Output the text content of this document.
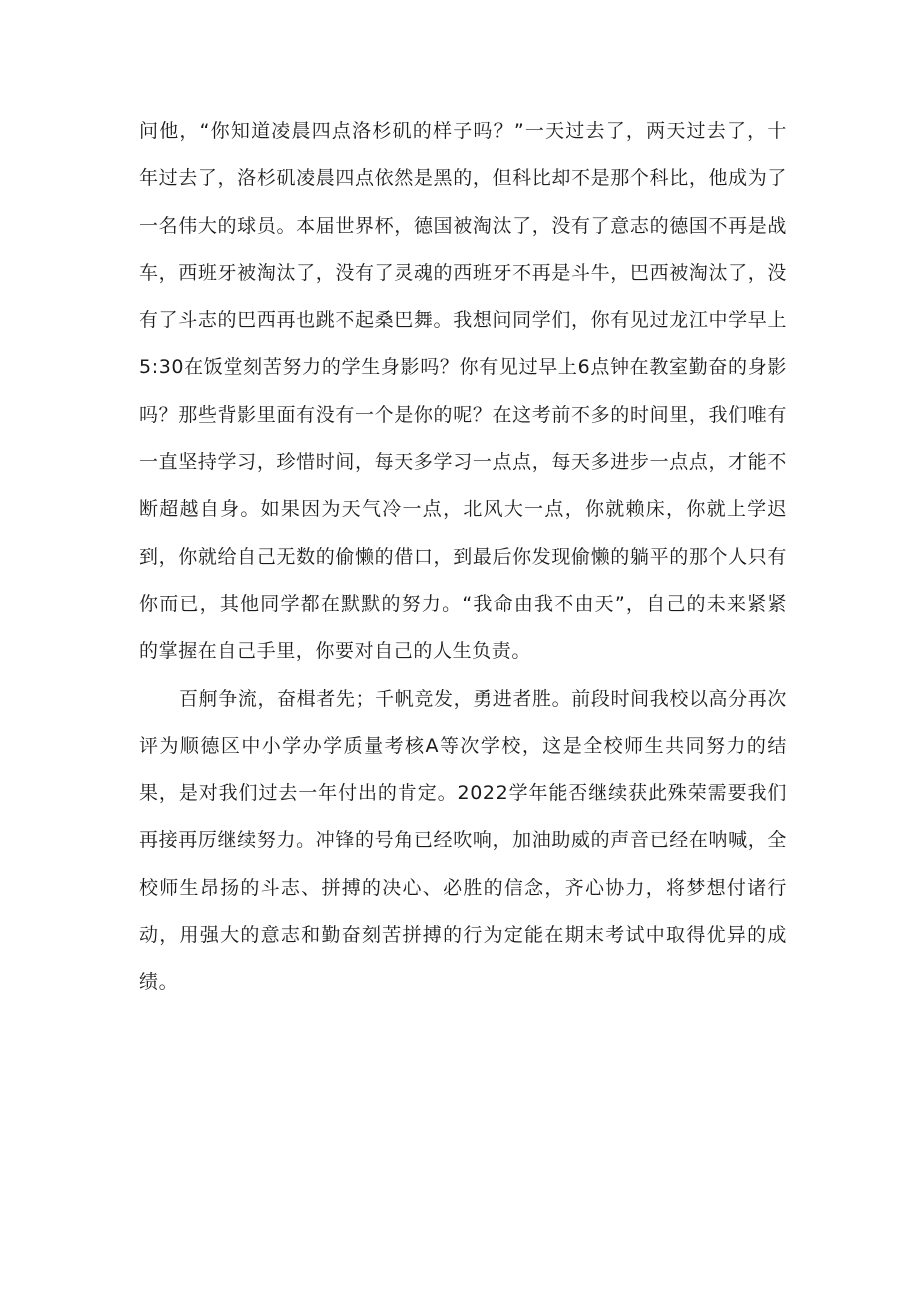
问他，“你知道凌晨四点洛杉矶的样子吗？”一天过去了，两天过去了，十年过去了，洛杉矶凌晨四点依然是黑的，但科比却不是那个科比，他成为了一名伟大的球员。本届世界杯，德国被淘汰了，没有了意志的德国不再是战车，西班牙被淘汰了，没有了灵魂的西班牙不再是斗牛，巴西被淘汰了，没有了斗志的巴西再也跳不起桑巴舞。我想问同学们，你有见过龙江中学早上5:30在饭堂刻苦努力的学生身影吗？你有见过早上6点钟在教室勤奋的身影吗？那些背影里面有没有一个是你的呢？在这考前不多的时间里，我们唯有一直坚持学习，珍惜时间，每天多学习一点点，每天多进步一点点，才能不断超越自身。如果因为天气冷一点，北风大一点，你就赖床，你就上学迟到，你就给自己无数的偷懒的借口，到最后你发现偷懒的躺平的那个人只有你而已，其他同学都在默默的努力。“我命由我不由天”，自己的未来紧紧的掌握在自己手里，你要对自己的人生负责。

百舸争流，奋楫者先；千帆竞发，勇进者胜。前段时间我校以高分再次评为顺德区中小学办学质量考核A等次学校，这是全校师生共同努力的结果，是对我们过去一年付出的肯定。2022学年能否继续获此殊荣需要我们再接再厉继续努力。冲锋的号角已经吹响，加油助威的声音已经在呐喊，全校师生昂扬的斗志、拼搏的决心、必胜的信念，齐心协力，将梦想付诸行动，用强大的意志和勤奋刻苦拼搏的行为定能在期末考试中取得优异的成绩。
